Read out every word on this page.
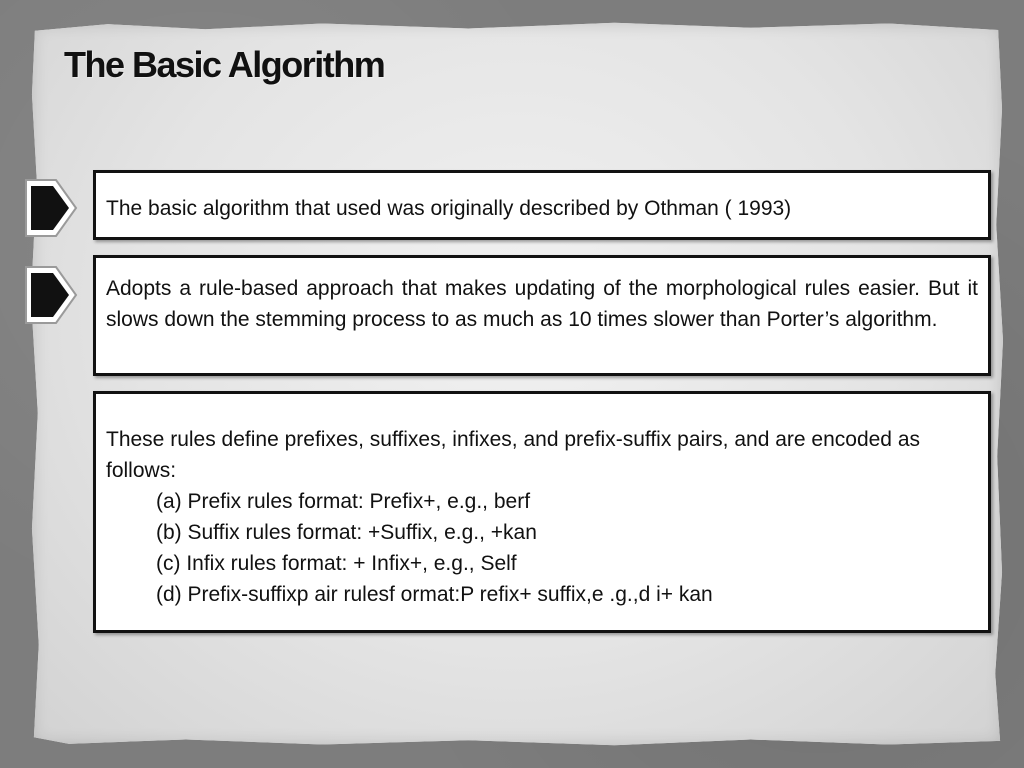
The Basic Algorithm

The basic algorithm that used was originally described by Othman ( 1993)

Adopts a rule-based approach that makes updating of the morphological rules easier. But it slows down the stemming process to as much as 10 times slower than Porter’s algorithm.

These rules define prefixes, suffixes, infixes, and prefix-suffix pairs, and are encoded as follows:

(a) Prefix rules format: Prefix+, e.g., berf
(b) Suffix rules format: +Suffix, e.g., +kan
(c) Infix rules format: + Infix+, e.g., Self
(d) Prefix-suffixp air rulesf ormat:P refix+ suffix,e .g.,d i+ kan
